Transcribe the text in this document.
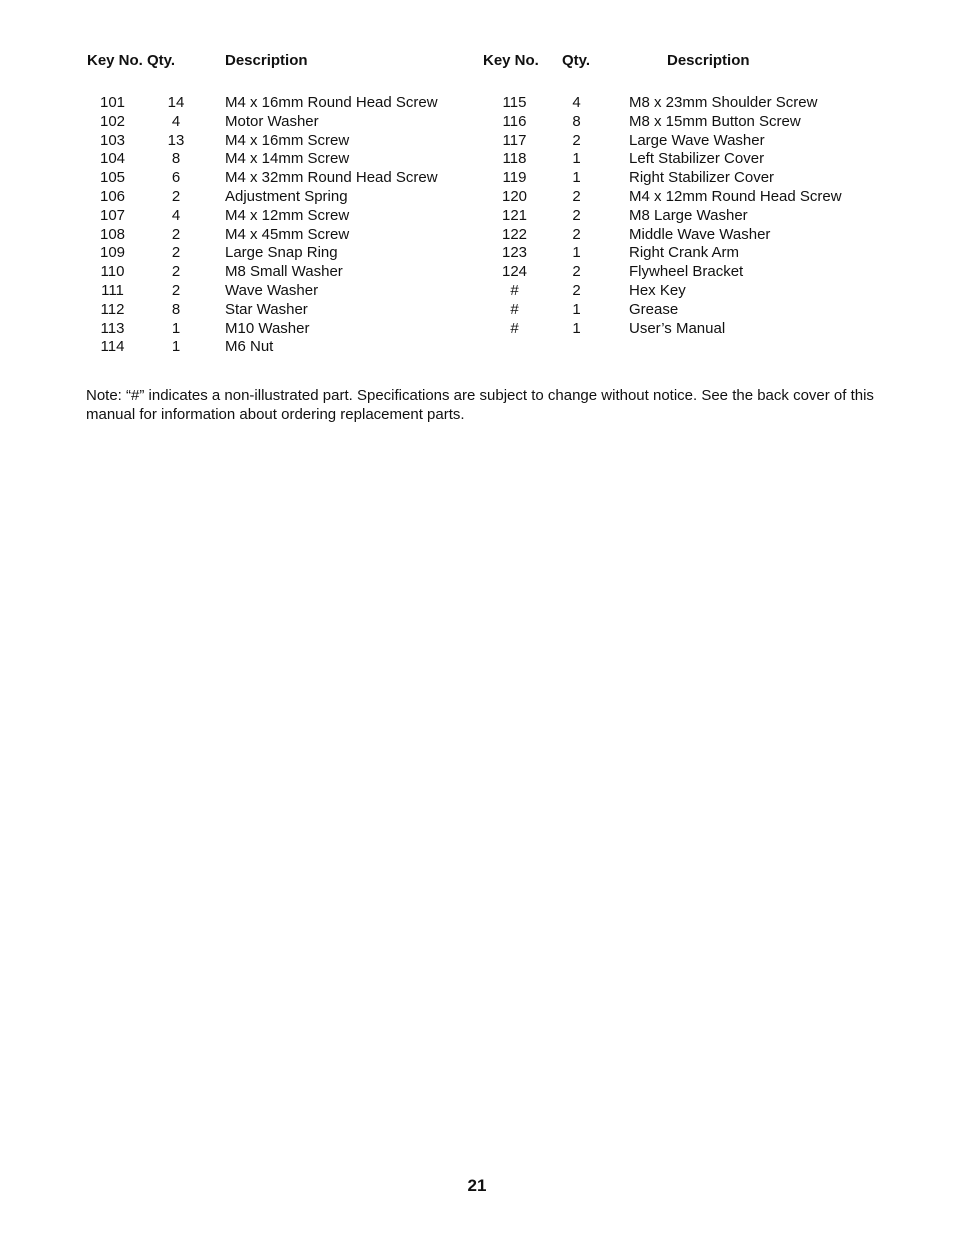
Key No.	Qty.	Description

101	14	M4 x 16mm Round Head Screw
102	4	Motor Washer
103	13	M4 x 16mm Screw
104	8	M4 x 14mm Screw
105	6	M4 x 32mm Round Head Screw
106	2	Adjustment Spring
107	4	M4 x 12mm Screw
108	2	M4 x 45mm Screw
109	2	Large Snap Ring
110	2	M8 Small Washer
111	2	Wave Washer
112	8	Star Washer
113	1	M10 Washer
114	1	M6 Nut
Key No.	Qty.	Description

115	4	M8 x 23mm Shoulder Screw
116	8	M8 x 15mm Button Screw
117	2	Large Wave Washer
118	1	Left Stabilizer Cover
119	1	Right Stabilizer Cover
120	2	M4 x 12mm Round Head Screw
121	2	M8 Large Washer
122	2	Middle Wave Washer
123	1	Right Crank Arm
124	2	Flywheel Bracket
#	2	Hex Key
#	1	Grease
#	1	User’s Manual

Note: “#” indicates a non-illustrated part. Specifications are subject to change without notice. See the back cover of this manual for information about ordering replacement parts.

21
